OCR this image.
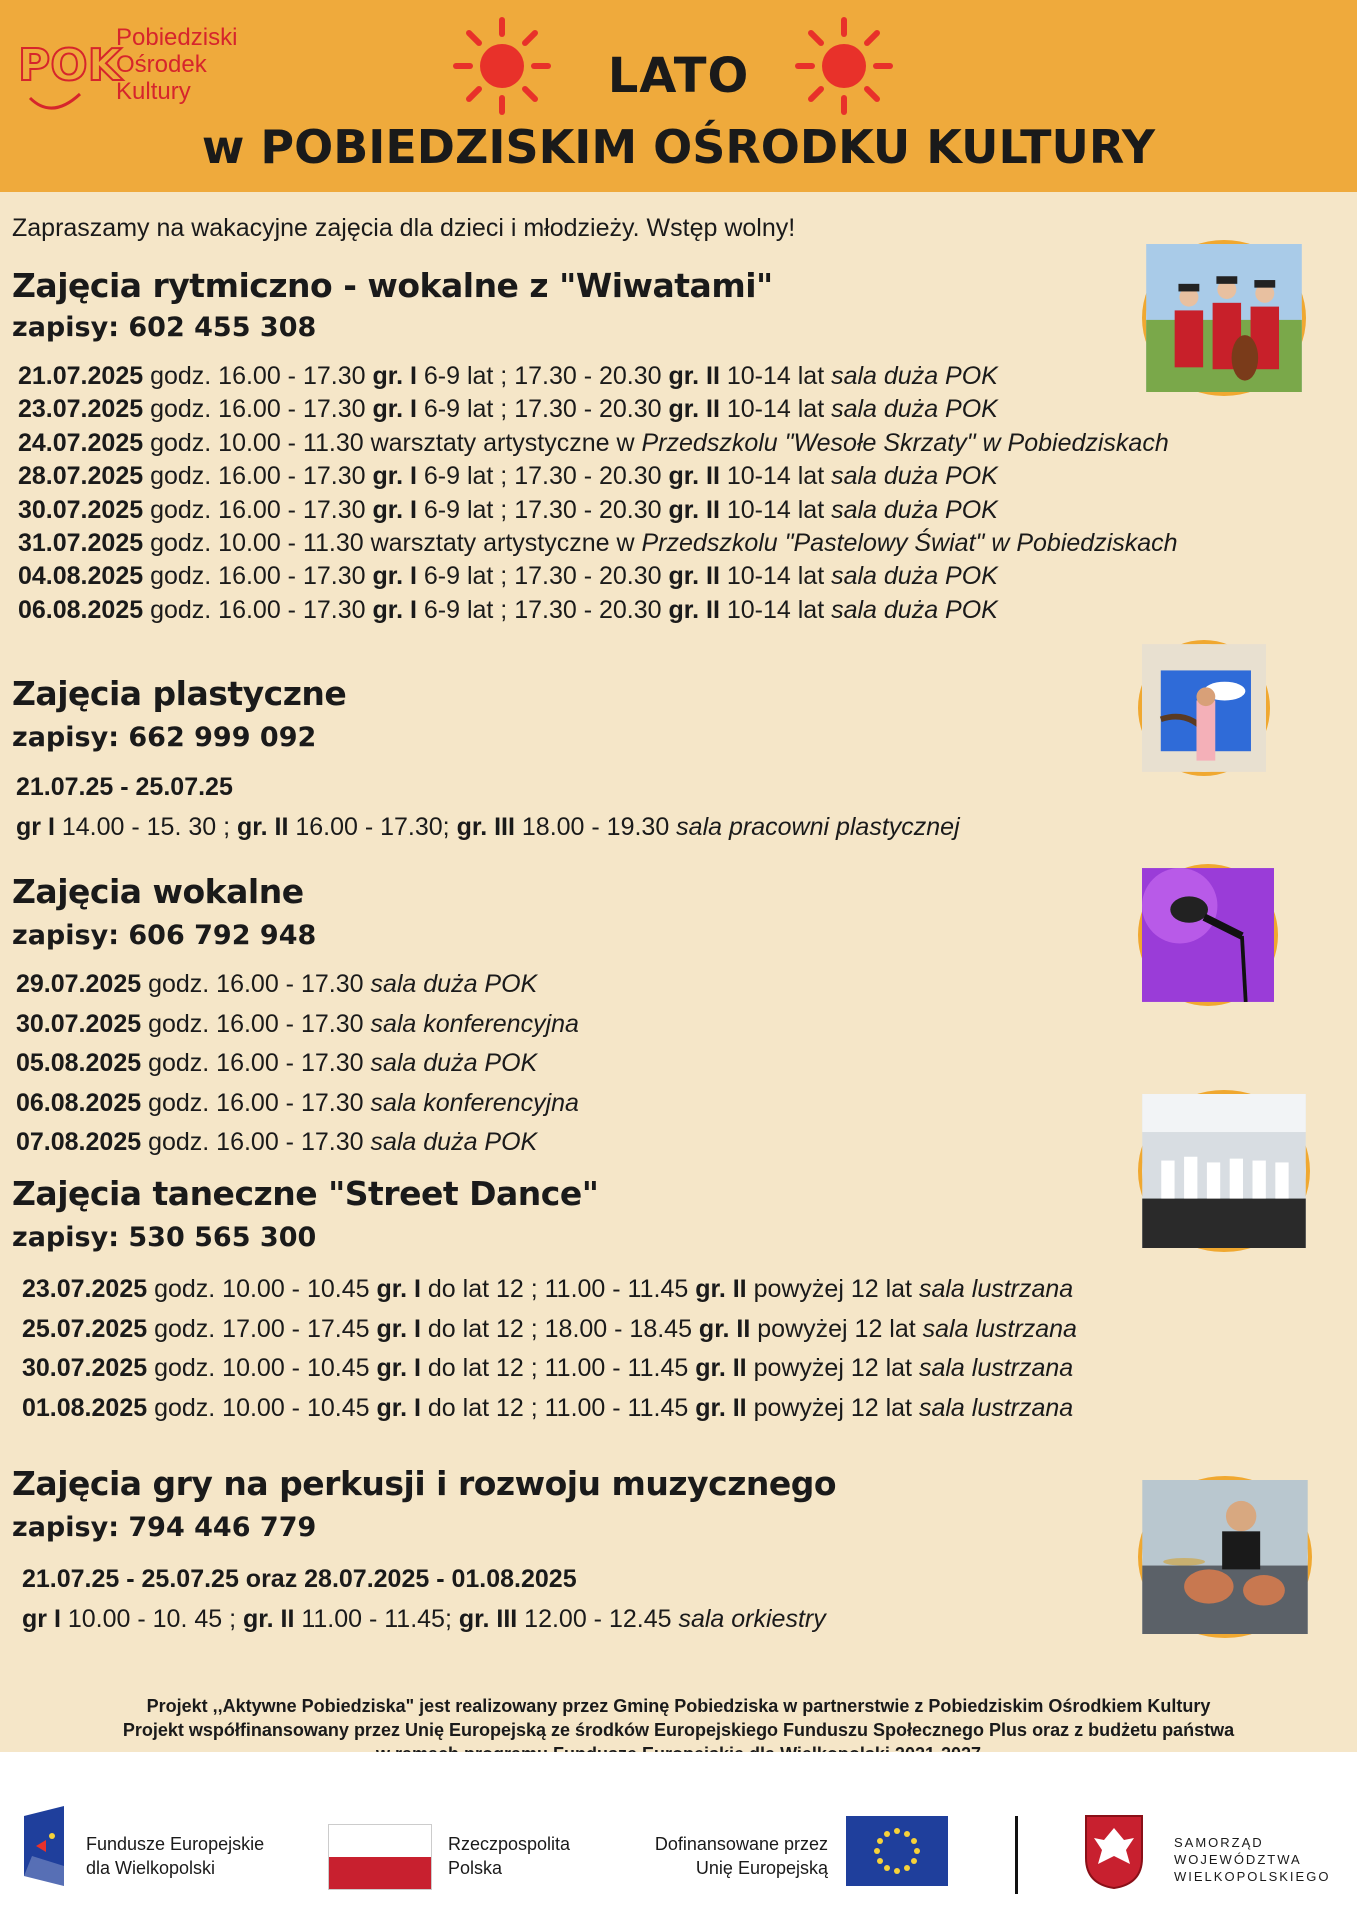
POK
Pobiedziski
Ośrodek
Kultury	LATO
w POBIEDZISKIM OŚRODKU KULTURY
Zapraszamy na wakacyjne zajęcia dla dzieci i młodzieży. Wstęp wolny!
Zajęcia rytmiczno - wokalne z "Wiwatami"
zapisy: 602 455 308
21.07.2025 godz. 16.00 - 17.30 gr. I 6-9 lat ; 17.30 - 20.30 gr. II 10-14 lat sala duża POK
23.07.2025 godz. 16.00 - 17.30 gr. I 6-9 lat ; 17.30 - 20.30 gr. II 10-14 lat sala duża POK
24.07.2025 godz. 10.00 - 11.30 warsztaty artystyczne w Przedszkolu "Wesołe Skrzaty" w Pobiedziskach
28.07.2025 godz. 16.00 - 17.30 gr. I 6-9 lat ; 17.30 - 20.30 gr. II 10-14 lat sala duża POK
30.07.2025 godz. 16.00 - 17.30 gr. I 6-9 lat ; 17.30 - 20.30 gr. II 10-14 lat sala duża POK
31.07.2025 godz. 10.00 - 11.30 warsztaty artystyczne w Przedszkolu "Pastelowy Świat" w Pobiedziskach
04.08.2025 godz. 16.00 - 17.30 gr. I 6-9 lat ; 17.30 - 20.30 gr. II 10-14 lat sala duża POK
06.08.2025 godz. 16.00 - 17.30 gr. I 6-9 lat ; 17.30 - 20.30 gr. II 10-14 lat sala duża POK
Zajęcia plastyczne
zapisy: 662 999 092
21.07.25 - 25.07.25
gr I 14.00 - 15. 30 ; gr. II 16.00 - 17.30; gr. III 18.00 - 19.30 sala pracowni plastycznej
Zajęcia wokalne
zapisy: 606 792 948
29.07.2025 godz. 16.00 - 17.30 sala duża POK
30.07.2025 godz. 16.00 - 17.30 sala konferencyjna
05.08.2025 godz. 16.00 - 17.30 sala duża POK
06.08.2025 godz. 16.00 - 17.30 sala konferencyjna
07.08.2025 godz. 16.00 - 17.30 sala duża POK
Zajęcia taneczne "Street Dance"
zapisy: 530 565 300
23.07.2025 godz. 10.00 - 10.45 gr. I do lat 12 ; 11.00 - 11.45 gr. II powyżej 12 lat sala lustrzana
25.07.2025 godz. 17.00 - 17.45 gr. I do lat 12 ; 18.00 - 18.45 gr. II powyżej 12 lat sala lustrzana
30.07.2025 godz. 10.00 - 10.45 gr. I do lat 12 ; 11.00 - 11.45 gr. II powyżej 12 lat sala lustrzana
01.08.2025 godz. 10.00 - 10.45 gr. I do lat 12 ; 11.00 - 11.45 gr. II powyżej 12 lat sala lustrzana
Zajęcia gry na perkusji i rozwoju muzycznego
zapisy: 794 446 779
21.07.25 - 25.07.25 oraz 28.07.2025 - 01.08.2025
gr I 10.00 - 10. 45 ; gr. II 11.00 - 11.45; gr. III 12.00 - 12.45 sala orkiestry
Projekt ,,Aktywne Pobiedziska" jest realizowany przez Gminę Pobiedziska w partnerstwie z Pobiedziskim Ośrodkiem Kultury
Projekt współfinansowany przez Unię Europejską ze środków Europejskiego Funduszu Społecznego Plus oraz z budżetu państwa
Fundusze Europejskie
dla Wielkopolski
Rzeczpospolita
Polska
Dofinansowane przez
Unię Europejską
SAMORZĄD
WOJEWÓDZTWA
WIELKOPOLSKIEGO
